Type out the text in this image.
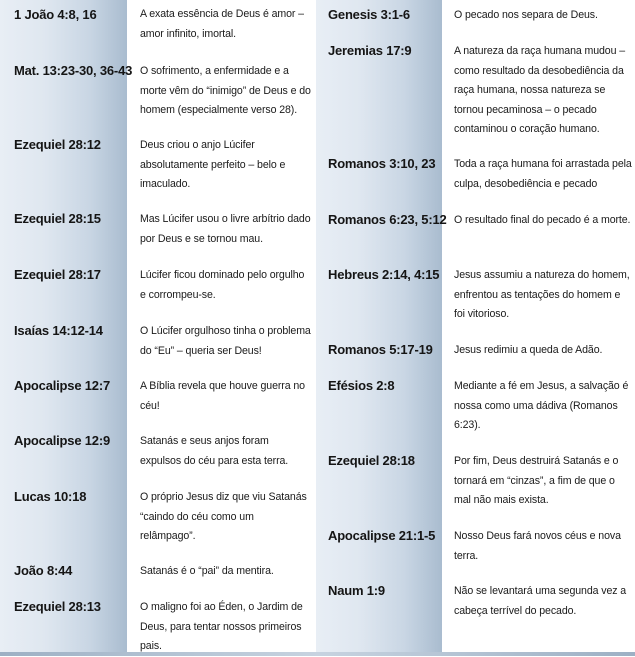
1 João 4:8, 16	A exata essência de Deus é amor – amor infinito, imortal.
Mat. 13:23-30, 36-43 O sofrimento, a enfermidade e a morte vêm do “inimigo” de Deus e do homem (especialmente verso 28).
Ezequiel 28:12	Deus criou o anjo Lúcifer absolutamente perfeito – belo e imaculado.
Ezequiel 28:15	Mas Lúcifer usou o livre arbítrio dado por Deus e se tornou mau.
Ezequiel 28:17	Lúcifer ficou dominado pelo orgulho e corrompeu-se.
Isaías 14:12-14	O Lúcifer orgulhoso tinha o problema do “Eu” – queria ser Deus!
Apocalipse 12:7	A Bíblia revela que houve guerra no céu!
Apocalipse 12:9	Satanás e seus anjos foram expulsos do céu para esta terra.
Lucas 10:18	O próprio Jesus diz que viu Satanás “caindo do céu como um relâmpago”.
João 8:44	Satanás é o “pai” da mentira.
Ezequiel 28:13	O maligno foi ao Éden, o Jardim de Deus, para tentar nossos primeiros pais.
Genesis 3:1-6	O pecado nos separa de Deus.
Jeremias 17:9	A natureza da raça humana mudou – como resultado da desobediência da raça humana, nossa natureza se tornou pecaminosa – o pecado contaminou o coração humano.
Romanos 3:10, 23 Toda a raça humana foi arrastada pela culpa, desobediência e pecado
Romanos 6:23, 5:12 O resultado final do pecado é a morte.
Hebreus 2:14, 4:15 Jesus assumiu a natureza do homem, enfrentou as tentações do homem e foi vitorioso.
Romanos 5:17-19 Jesus redimiu a queda de Adão.
Efésios 2:8	Mediante a fé em Jesus, a salvação é nossa como uma dádiva (Romanos 6:23).
Ezequiel 28:18	Por fim, Deus destruirá Satanás e o tornará em “cinzas”, a fim de que o mal não mais exista.
Apocalipse 21:1-5 Nosso Deus fará novos céus e nova terra.
Naum 1:9	Não se levantará uma segunda vez a cabeça terrível do pecado.
